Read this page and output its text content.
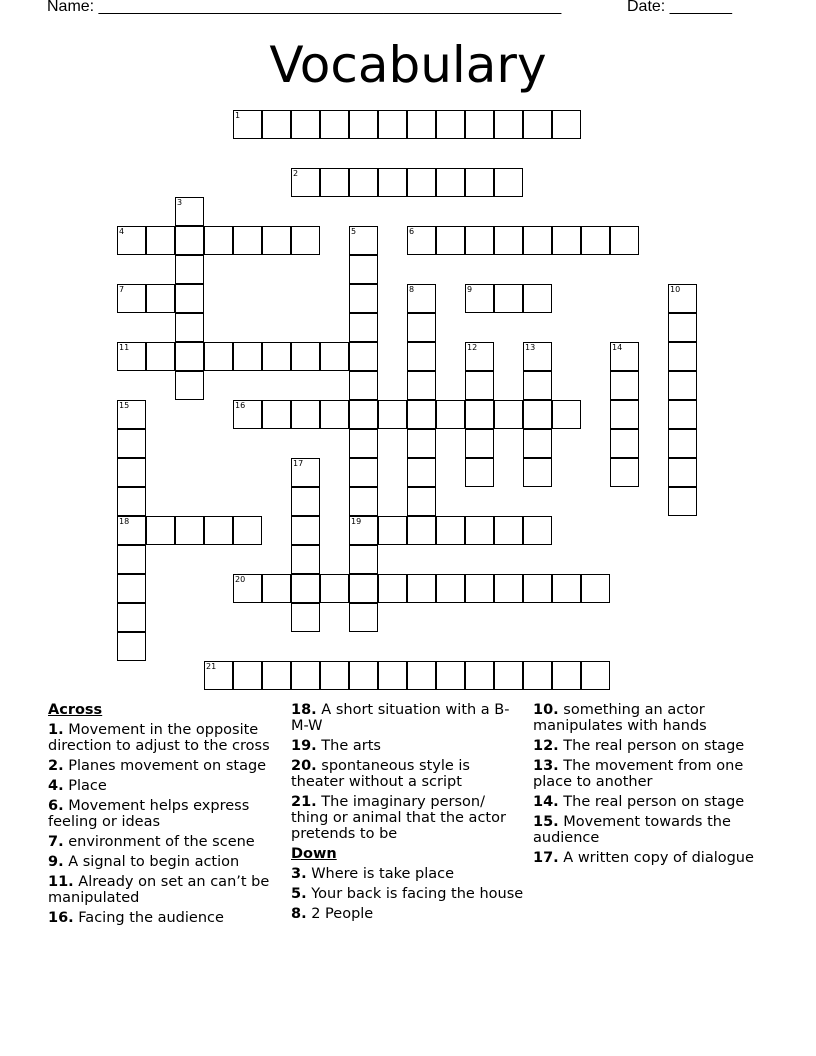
Name: ____________________________________________________	Date: _______
Vocabulary
1
2
3
4	5
19
6
7	8	9	10
11	12	13	14
15
18
16
17
20
21
Across
1. Movement in the opposite direction to adjust to the cross
2. Planes movement on stage
4. Place
6. Movement helps express feeling or ideas
7. environment of the scene
9. A signal to begin action
11. Already on set an can’t be manipulated
16. Facing the audience
18. A short situation with a B-M-W
19. The arts
20. spontaneous style is theater without a script
21. The imaginary person/ thing or animal that the actor pretends to be
Down
3. Where is take place
5. Your back is facing the house
8. 2 People
10. something an actor manipulates with hands
12. The real person on stage
13. The movement from one place to another
14. The real person on stage
15. Movement towards the audience
17. A written copy of dialogue
